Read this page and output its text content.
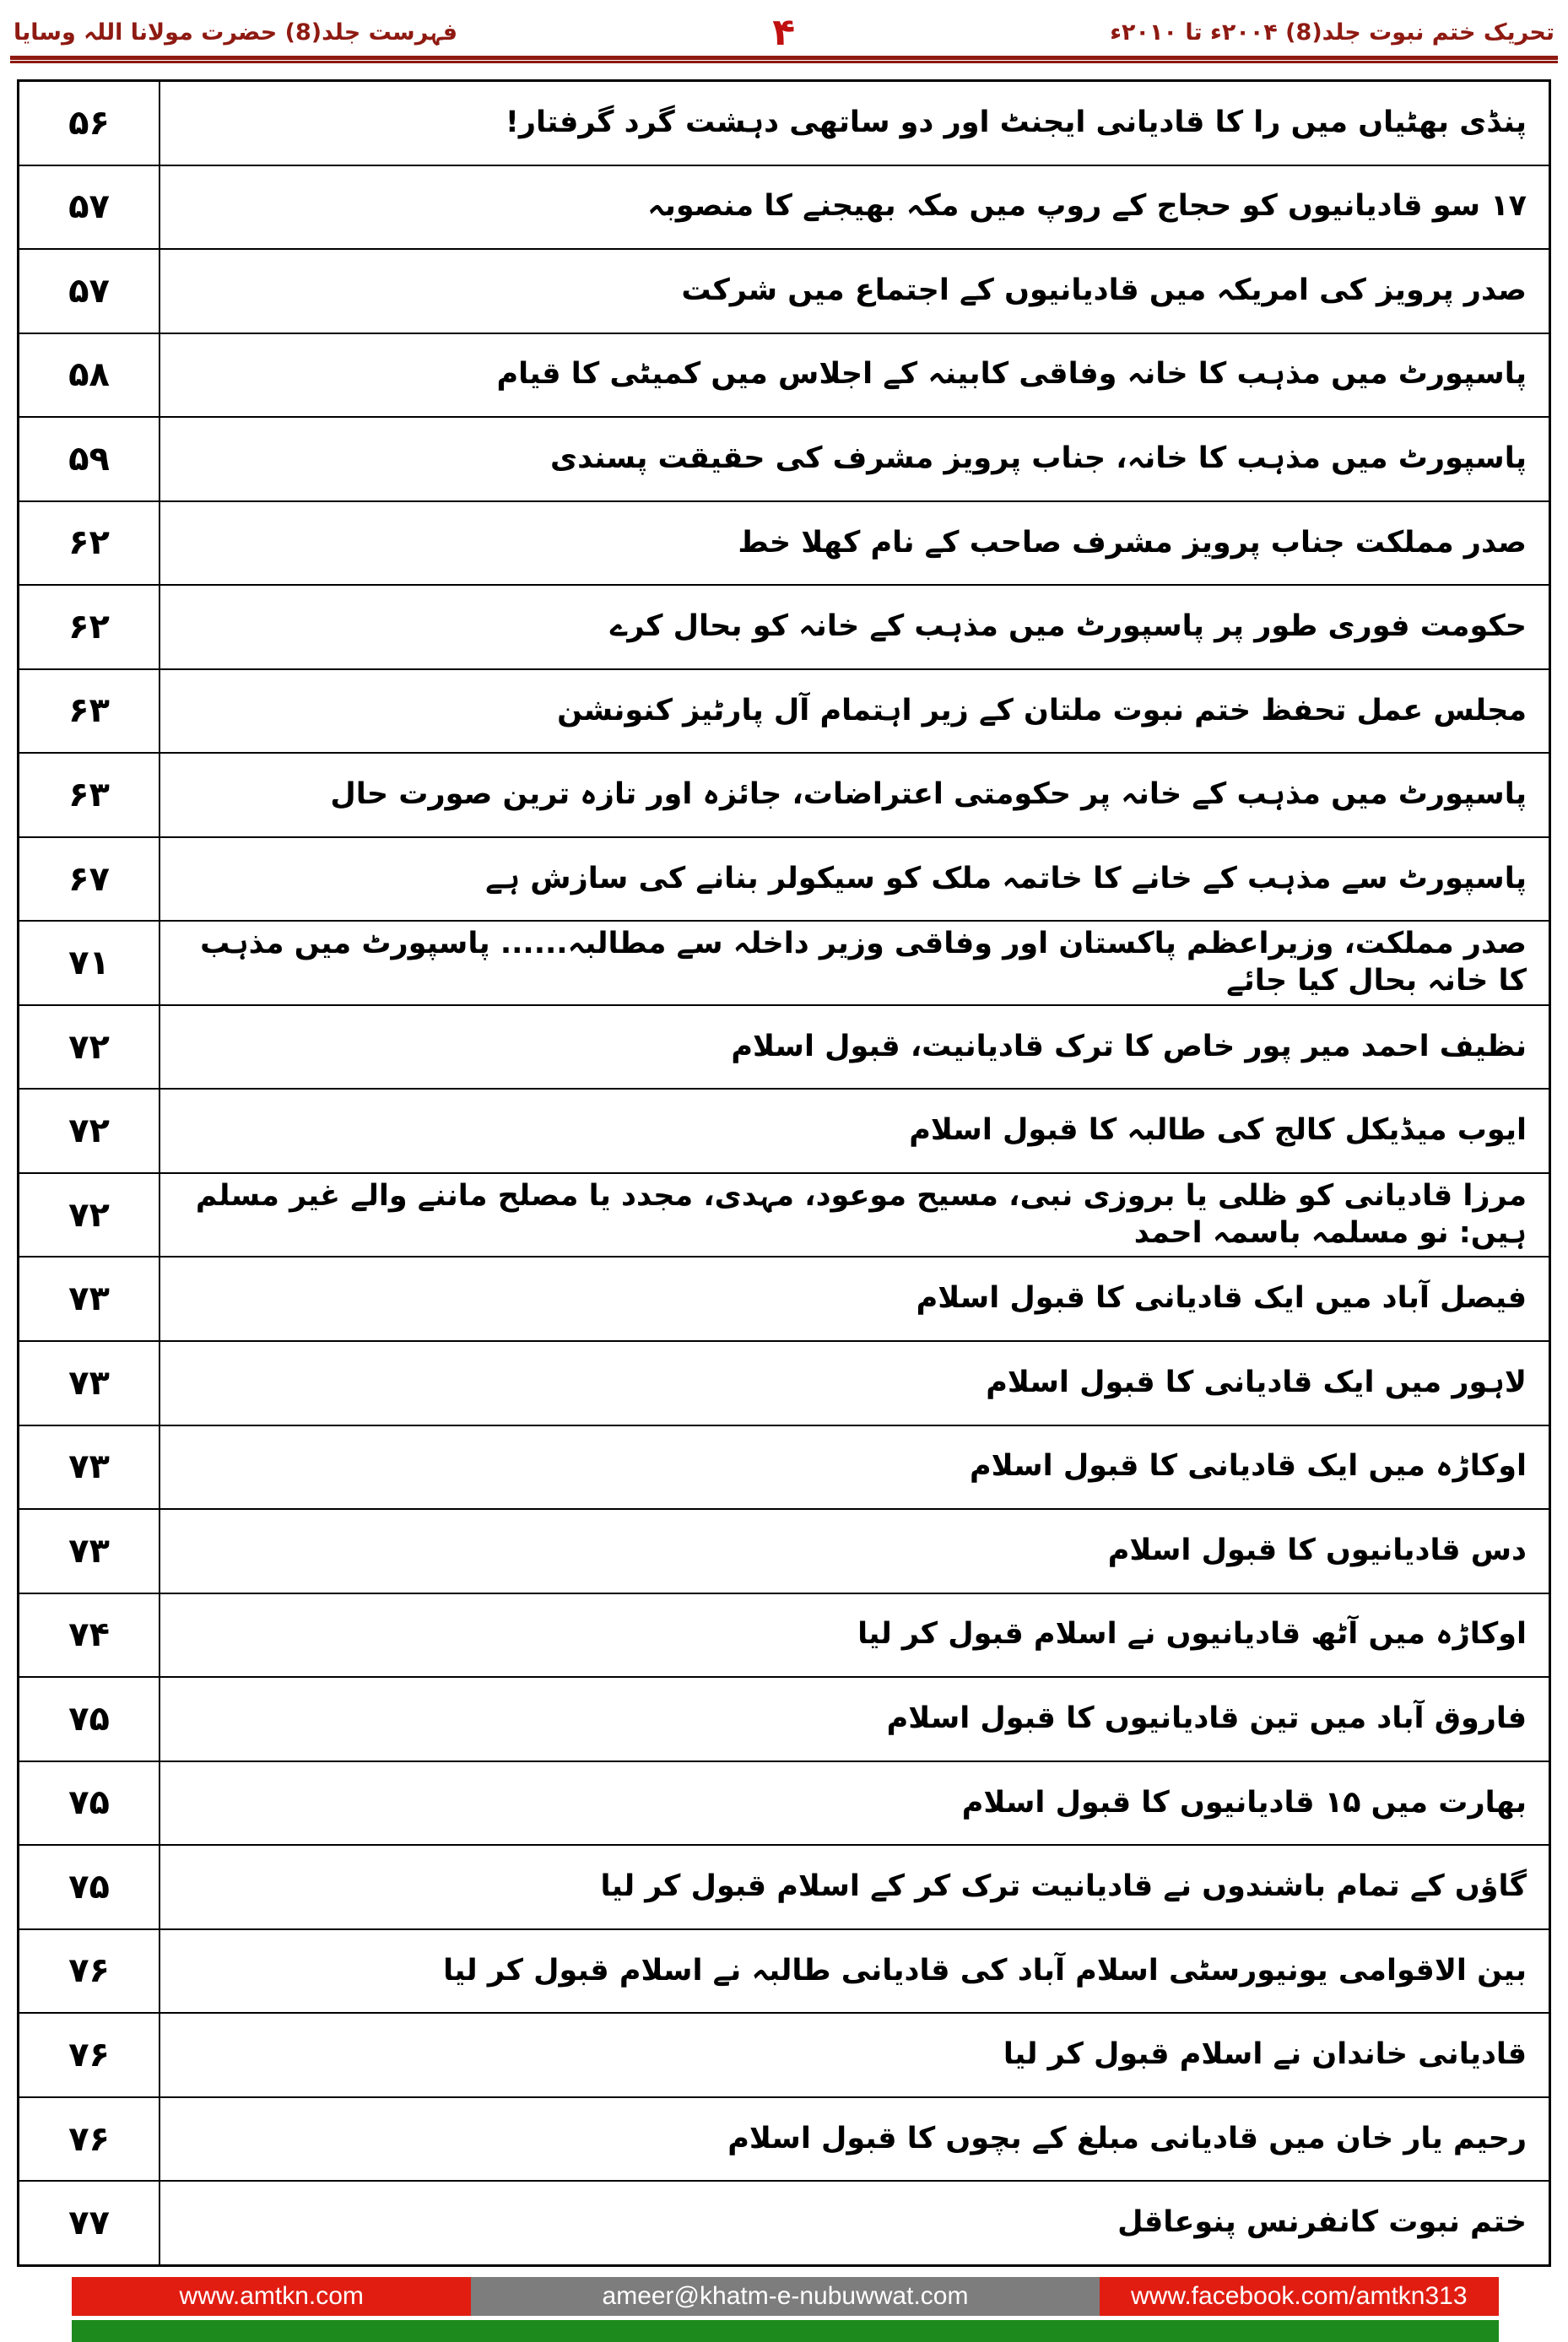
فہرست جلد(8) حضرت مولانا اللہ وسایا	۴	تحریک ختم نبوت جلد(8) ۲۰۰۴ء تا ۲۰۱۰ء
۵۶	پنڈی بھٹیاں میں را کا قادیانی ایجنٹ اور دو ساتھی دہشت گرد گرفتار!
۵۷	۱۷ سو قادیانیوں کو حجاج کے روپ میں مکہ بھیجنے کا منصوبہ
۵۷	صدر پرویز کی امریکہ میں قادیانیوں کے اجتماع میں شرکت
۵۸	پاسپورٹ میں مذہب کا خانہ وفاقی کابینہ کے اجلاس میں کمیٹی کا قیام
۵۹	پاسپورٹ میں مذہب کا خانہ، جناب پرویز مشرف کی حقیقت پسندی
۶۲	صدر مملکت جناب پرویز مشرف صاحب کے نام کھلا خط
۶۲	حکومت فوری طور پر پاسپورٹ میں مذہب کے خانہ کو بحال کرے
۶۳	مجلس عمل تحفظ ختم نبوت ملتان کے زیر اہتمام آل پارٹیز کنونشن
۶۳	پاسپورٹ میں مذہب کے خانہ پر حکومتی اعتراضات، جائزہ اور تازہ ترین صورت حال
۶۷	پاسپورٹ سے مذہب کے خانے کا خاتمہ ملک کو سیکولر بنانے کی سازش ہے
۷۱	صدر مملکت، وزیراعظم پاکستان اور وفاقی وزیر داخلہ سے مطالبہ...... پاسپورٹ میں مذہب کا خانہ بحال کیا جائے
۷۲	نظیف احمد میر پور خاص کا ترک قادیانیت، قبول اسلام
۷۲	ایوب میڈیکل کالج کی طالبہ کا قبول اسلام
۷۲	مرزا قادیانی کو ظلی یا بروزی نبی، مسیح موعود، مہدی، مجدد یا مصلح ماننے والے غیر مسلم ہیں: نو مسلمہ باسمہ احمد
۷۳	فیصل آباد میں ایک قادیانی کا قبول اسلام
۷۳	لاہور میں ایک قادیانی کا قبول اسلام
۷۳	اوکاڑہ میں ایک قادیانی کا قبول اسلام
۷۳	دس قادیانیوں کا قبول اسلام
۷۴	اوکاڑہ میں آٹھ قادیانیوں نے اسلام قبول کر لیا
۷۵	فاروق آباد میں تین قادیانیوں کا قبول اسلام
۷۵	بھارت میں ۱۵ قادیانیوں کا قبول اسلام
۷۵	گاؤں کے تمام باشندوں نے قادیانیت ترک کر کے اسلام قبول کر لیا
۷۶	بین الاقوامی یونیورسٹی اسلام آباد کی قادیانی طالبہ نے اسلام قبول کر لیا
۷۶	قادیانی خاندان نے اسلام قبول کر لیا
۷۶	رحیم یار خان میں قادیانی مبلغ کے بچوں کا قبول اسلام
۷۷	ختم نبوت کانفرنس پنوعاقل
www.amtkn.com	ameer@khatm-e-nubuwwat.com	www.facebook.com/amtkn313
